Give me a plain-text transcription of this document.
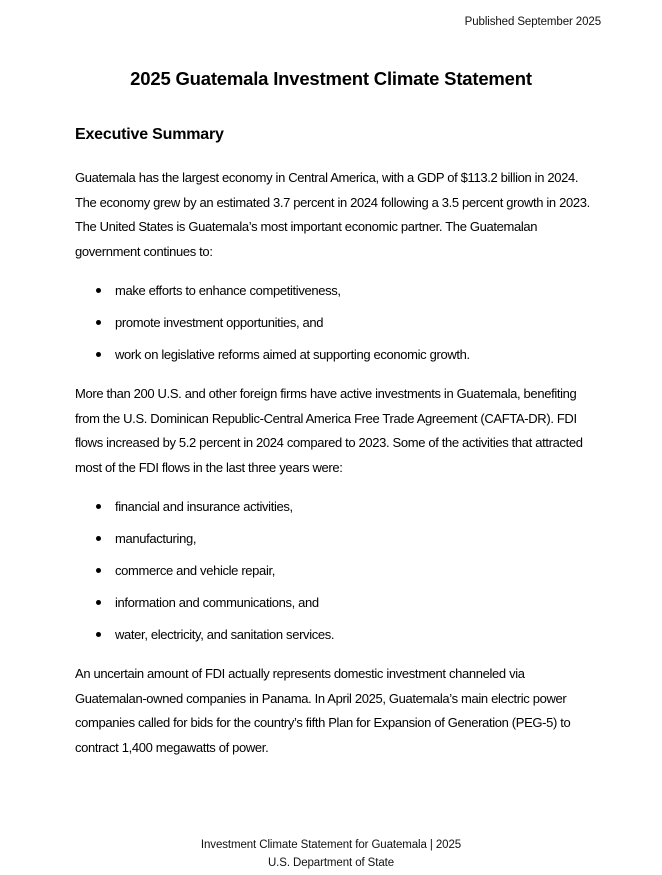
Published September 2025
2025 Guatemala Investment Climate Statement
Executive Summary

Guatemala has the largest economy in Central America, with a GDP of $113.2 billion in 2024.
The economy grew by an estimated 3.7 percent in 2024 following a 3.5 percent growth in 2023.
The United States is Guatemala’s most important economic partner. The Guatemalan
government continues to:

make efforts to enhance competitiveness,
promote investment opportunities, and
work on legislative reforms aimed at supporting economic growth.

More than 200 U.S. and other foreign firms have active investments in Guatemala, benefiting
from the U.S. Dominican Republic-Central America Free Trade Agreement (CAFTA-DR). FDI
flows increased by 5.2 percent in 2024 compared to 2023. Some of the activities that attracted
most of the FDI flows in the last three years were:

financial and insurance activities,
manufacturing,
commerce and vehicle repair,
information and communications, and
water, electricity, and sanitation services.

An uncertain amount of FDI actually represents domestic investment channeled via
Guatemalan-owned companies in Panama. In April 2025, Guatemala’s main electric power
companies called for bids for the country’s fifth Plan for Expansion of Generation (PEG-5) to
contract 1,400 megawatts of power.

Investment Climate Statement for Guatemala | 2025
U.S. Department of State
